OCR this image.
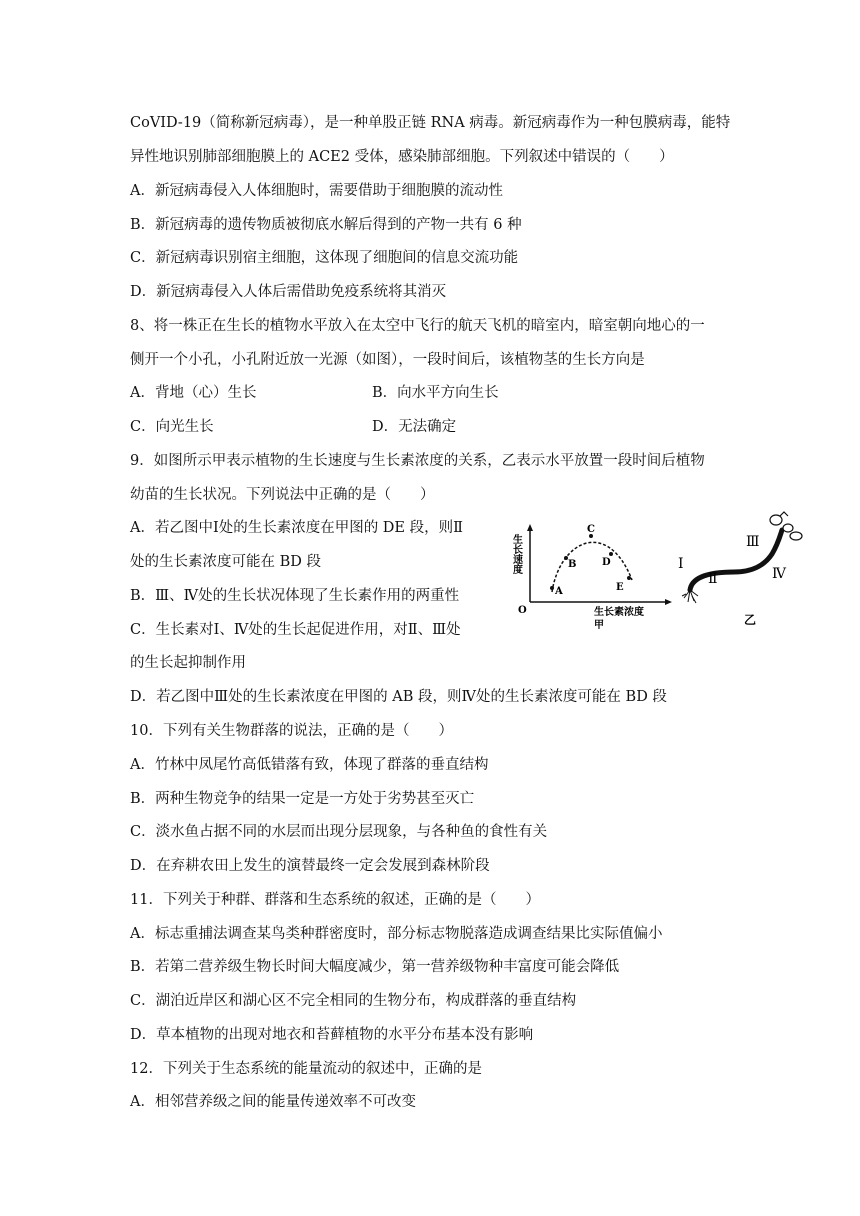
CoVID-19（简称新冠病毒），是一种单股正链 RNA 病毒。新冠病毒作为一种包膜病毒，能特
异性地识别肺部细胞膜上的 ACE2 受体，感染肺部细胞。下列叙述中错误的（　　）
A．新冠病毒侵入人体细胞时，需要借助于细胞膜的流动性
B．新冠病毒的遗传物质被彻底水解后得到的产物一共有 6 种
C．新冠病毒识别宿主细胞，这体现了细胞间的信息交流功能
D．新冠病毒侵入人体后需借助免疫系统将其消灭
8、将一株正在生长的植物水平放入在太空中飞行的航天飞机的暗室内，暗室朝向地心的一
侧开一个小孔，小孔附近放一光源（如图），一段时间后，该植物茎的生长方向是
A．背地（心）生长	B．向水平方向生长
C．向光生长	D．无法确定
9．如图所示甲表示植物的生长速度与生长素浓度的关系，乙表示水平放置一段时间后植物
幼苗的生长状况。下列说法中正确的是（　　）
A．若乙图中Ⅰ处的生长素浓度在甲图的 DE 段，则Ⅱ
处的生长素浓度可能在 BD 段
B．Ⅲ、Ⅳ处的生长状况体现了生长素作用的两重性
C．生长素对Ⅰ、Ⅳ处的生长起促进作用，对Ⅱ、Ⅲ处
的生长起抑制作用
D．若乙图中Ⅲ处的生长素浓度在甲图的 AB 段，则Ⅳ处的生长素浓度可能在 BD 段
10．下列有关生物群落的说法，正确的是（　　）
A．竹林中凤尾竹高低错落有致，体现了群落的垂直结构
B．两种生物竞争的结果一定是一方处于劣势甚至灭亡
C．淡水鱼占据不同的水层而出现分层现象，与各种鱼的食性有关
D．在弃耕农田上发生的演替最终一定会发展到森林阶段
11．下列关于种群、群落和生态系统的叙述，正确的是（　　）
A．标志重捕法调查某鸟类种群密度时，部分标志物脱落造成调查结果比实际值偏小
B．若第二营养级生物长时间大幅度减少，第一营养级物种丰富度可能会降低
C．湖泊近岸区和湖心区不完全相同的生物分布，构成群落的垂直结构
D．草本植物的出现对地衣和苔藓植物的水平分布基本没有影响
12．下列关于生态系统的能量流动的叙述中，正确的是
A．相邻营养级之间的能量传递效率不可改变
A
B
C
D
E
O
生长速度
生长素浓度
甲
Ⅰ
Ⅱ
Ⅲ
Ⅳ
乙
